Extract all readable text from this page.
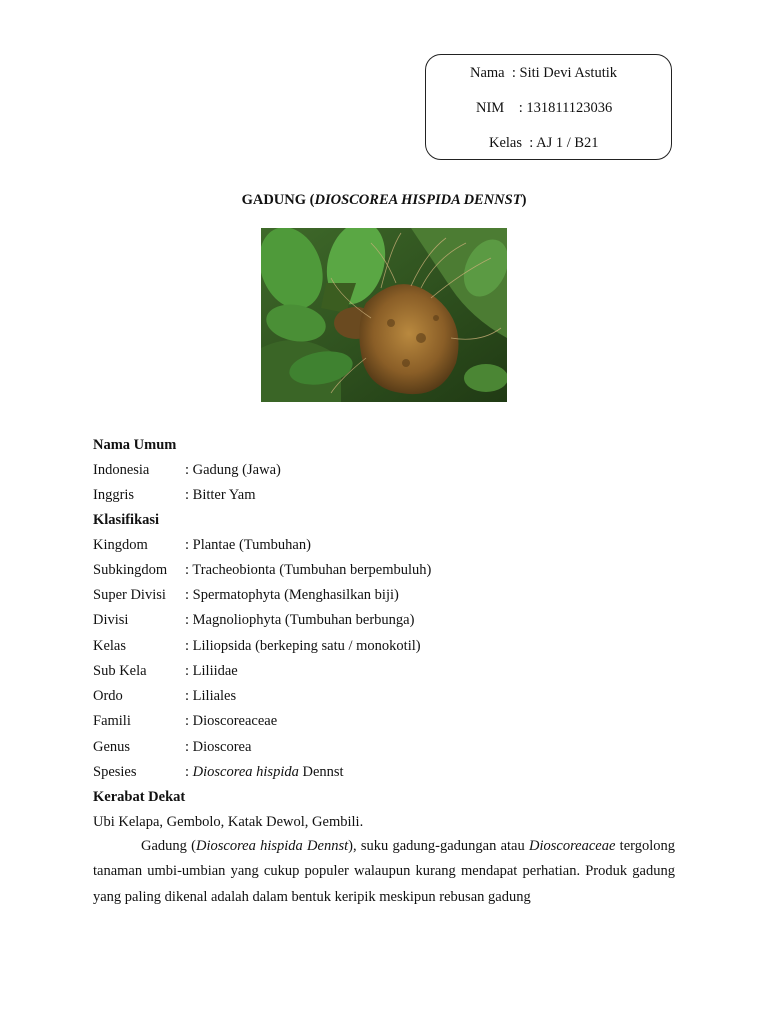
Nama : Siti Devi Astutik
NIM : 131811123036
Kelas : AJ 1 / B21
GADUNG (DIOSCOREA HISPIDA DENNST)
Nama Umum
Indonesia : Gadung (Jawa)
Inggris	: Bitter Yam
Klasifikasi
Kingdom	: Plantae (Tumbuhan)
Subkingdom : Tracheobionta (Tumbuhan berpembuluh)
Super Divisi : Spermatophyta (Menghasilkan biji)
Divisi	: Magnoliophyta (Tumbuhan berbunga)
Kelas	: Liliopsida (berkeping satu / monokotil)
Sub Kela	: Liliidae
Ordo	: Liliales
Famili	: Dioscoreaceae
Genus	: Dioscorea
Spesies	: Dioscorea hispida Dennst
Kerabat Dekat
Ubi Kelapa, Gembolo, Katak Dewol, Gembili.
Gadung (Dioscorea hispida Dennst), suku gadung-gadungan atau Dioscoreaceae tergolong tanaman umbi-umbian yang cukup populer walaupun kurang mendapat perhatian. Produk gadung yang paling dikenal adalah dalam bentuk keripik meskipun rebusan gadung
